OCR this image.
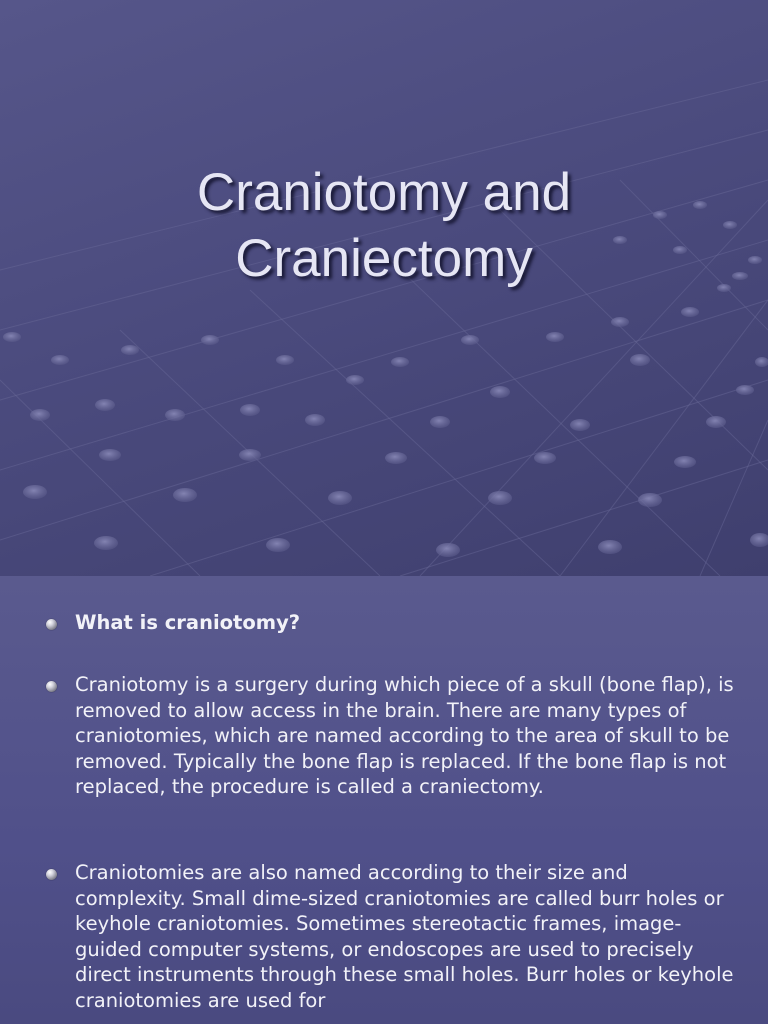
Craniotomy and
Craniectomy

What is craniotomy?

Craniotomy is a surgery during which piece of a skull (bone flap), is removed to allow access in the brain. There are many types of craniotomies, which are named according to the area of skull to be removed. Typically the bone flap is replaced. If the bone flap is not replaced, the procedure is called a craniectomy.

Craniotomies are also named according to their size and complexity. Small dime-sized craniotomies are called burr holes or keyhole craniotomies. Sometimes stereotactic frames, image-guided computer systems, or endoscopes are used to precisely direct instruments through these small holes. Burr holes or keyhole craniotomies are used for
